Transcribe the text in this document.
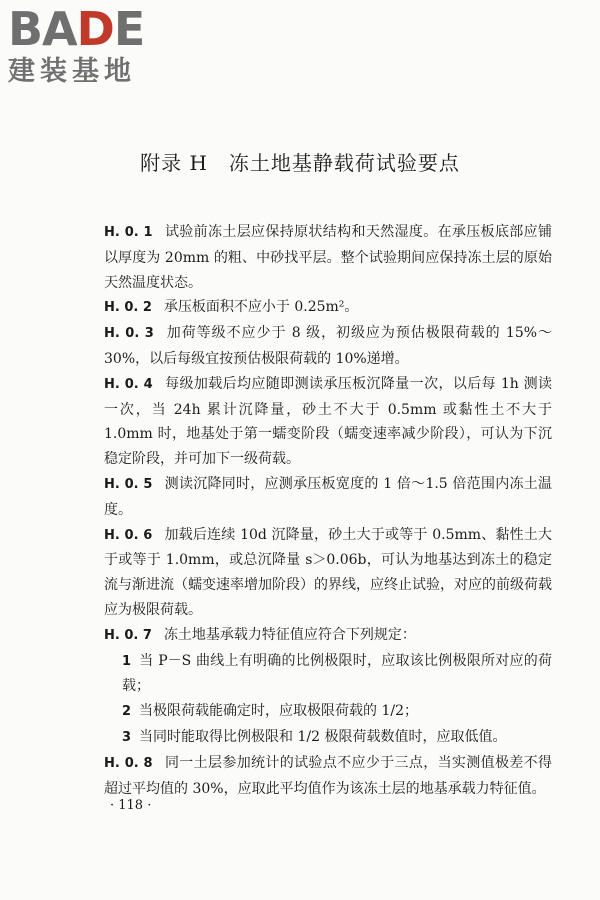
BADE
建装基地
附录 H　冻土地基静载荷试验要点
H. 0. 1 试验前冻土层应保持原状结构和天然湿度。在承压板底部应铺以厚度为 20mm 的粗、中砂找平层。整个试验期间应保持冻土层的原始天然温度状态。
H. 0. 2 承压板面积不应小于 0.25m²。
H. 0. 3 加荷等级不应少于 8 级，初级应为预估极限荷载的 15%～30%，以后每级宜按预估极限荷载的 10%递增。
H. 0. 4 每级加载后均应随即测读承压板沉降量一次，以后每 1h 测读一次，当 24h 累计沉降量，砂土不大于 0.5mm 或黏性土不大于 1.0mm 时，地基处于第一蠕变阶段（蠕变速率减少阶段），可认为下沉稳定阶段，并可加下一级荷载。
H. 0. 5 测读沉降同时，应测承压板宽度的 1 倍～1.5 倍范围内冻土温度。
H. 0. 6 加载后连续 10d 沉降量，砂土大于或等于 0.5mm、黏性土大于或等于 1.0mm，或总沉降量 s＞0.06b，可认为地基达到冻土的稳定流与渐进流（蠕变速率增加阶段）的界线，应终止试验，对应的前级荷载应为极限荷载。
H. 0. 7 冻土地基承载力特征值应符合下列规定：
1 当 P－S 曲线上有明确的比例极限时，应取该比例极限所对应的荷载；
2 当极限荷载能确定时，应取极限荷载的 1/2；
3 当同时能取得比例极限和 1/2 极限荷载数值时，应取低值。
H. 0. 8 同一土层参加统计的试验点不应少于三点，当实测值极差不得超过平均值的 30%，应取此平均值作为该冻土层的地基承载力特征值。
· 118 ·
